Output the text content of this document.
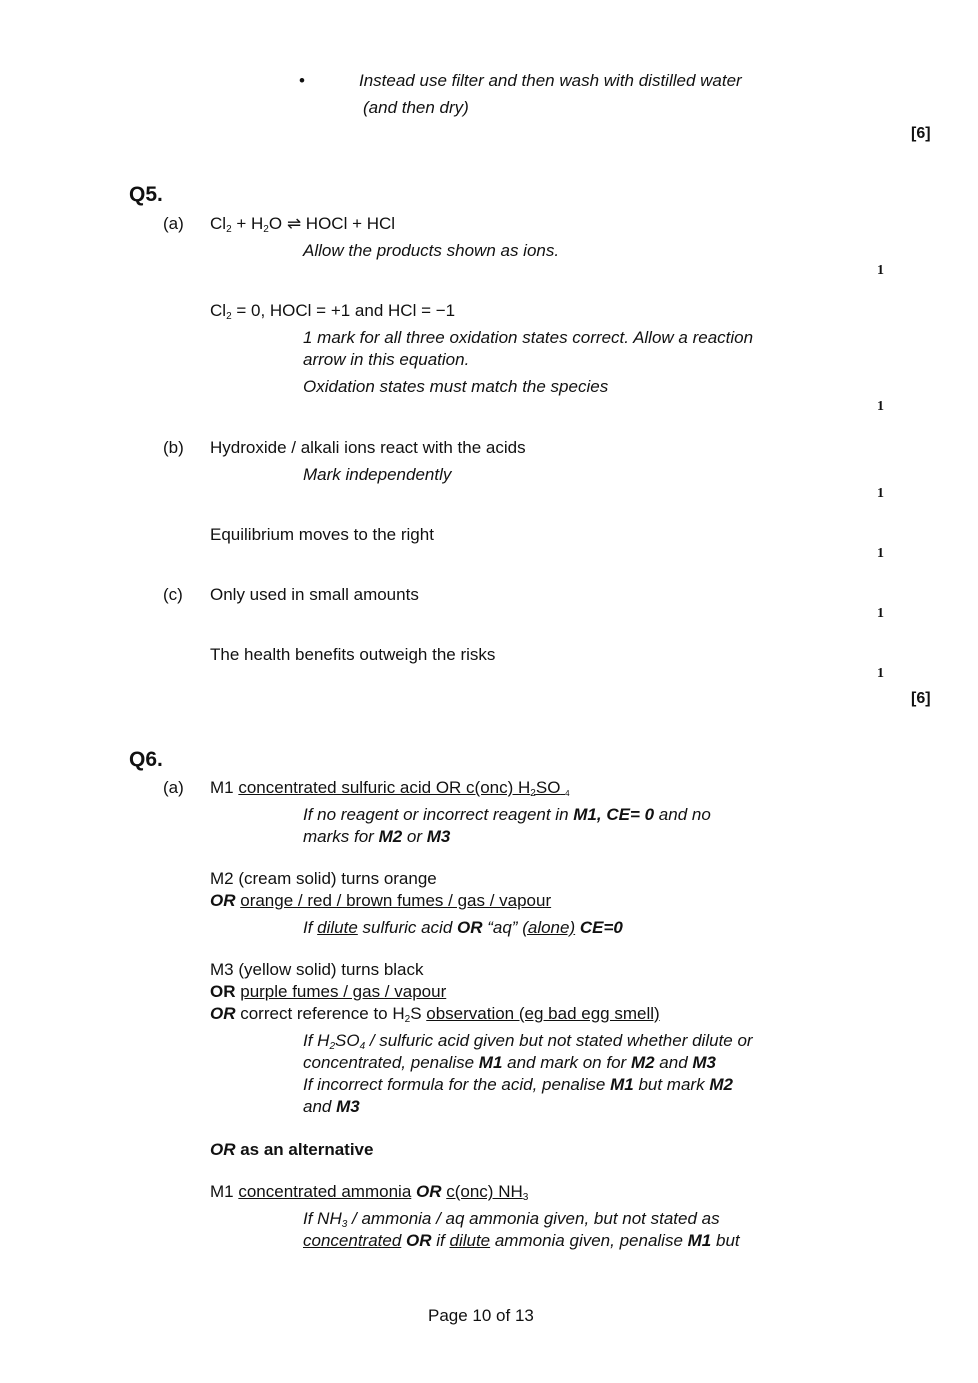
•	Instead use filter and then wash with distilled water
(and then dry)
[6]
Q5.
(a) Cl2 + H2O ⇌ HOCl + HCl
Allow the products shown as ions.
1
Cl2 = 0, HOCl = +1 and HCl = −1
1 mark for all three oxidation states correct. Allow a reaction
arrow in this equation.
Oxidation states must match the species
1
(b) Hydroxide / alkali ions react with the acids
Mark independently
1
Equilibrium moves to the right
1
(c) Only used in small amounts
1
The health benefits outweigh the risks
1
[6]
Q6.
(a) M1 concentrated sulfuric acid OR c(onc) H2SO 4
If no reagent or incorrect reagent in M1, CE= 0 and no
marks for M2 or M3
M2 (cream solid) turns orange
OR orange / red / brown fumes / gas / vapour
If dilute sulfuric acid OR “aq” (alone) CE=0
M3 (yellow solid) turns black
OR purple fumes / gas / vapour
OR correct reference to H2S observation (eg bad egg smell)
If H2SO4 / sulfuric acid given but not stated whether dilute or
concentrated, penalise M1 and mark on for M2 and M3
If incorrect formula for the acid, penalise M1 but mark M2
and M3
OR as an alternative
M1 concentrated ammonia OR c(onc) NH3
If NH3 / ammonia / aq ammonia given, but not stated as
concentrated OR if dilute ammonia given, penalise M1 but
Page 10 of 13
